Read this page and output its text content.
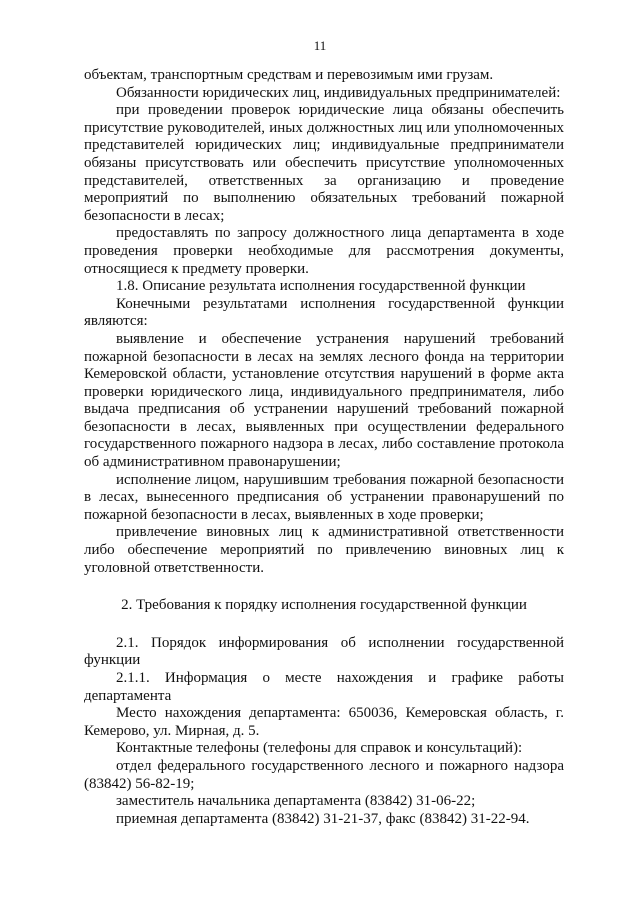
11

объектам, транспортным средствам и перевозимым ими грузам.

Обязанности юридических лиц, индивидуальных предпринимателей:

при проведении проверок юридические лица обязаны обеспечить присутствие руководителей, иных должностных лиц или уполномоченных представителей юридических лиц; индивидуальные предприниматели обязаны присутствовать или обеспечить присутствие уполномоченных представителей, ответственных за организацию и проведение мероприятий по выполнению обязательных требований пожарной безопасности в лесах;

предоставлять по запросу должностного лица департамента в ходе проведения проверки необходимые для рассмотрения документы, относящиеся к предмету проверки.

1.8. Описание результата исполнения государственной функции

Конечными результатами исполнения государственной функции являются:

выявление и обеспечение устранения нарушений требований пожарной безопасности в лесах на землях лесного фонда на территории Кемеровской области, установление отсутствия нарушений в форме акта проверки юридического лица, индивидуального предпринимателя, либо выдача предписания об устранении нарушений требований пожарной безопасности в лесах, выявленных при осуществлении федерального государственного пожарного надзора в лесах, либо составление протокола об административном правонарушении;

исполнение лицом, нарушившим требования пожарной безопасности в лесах, вынесенного предписания об устранении правонарушений по пожарной безопасности в лесах, выявленных в ходе проверки;

привлечение виновных лиц к административной ответственности либо обеспечение мероприятий по привлечению виновных лиц к уголовной ответственности.

2. Требования к порядку исполнения государственной функции

2.1. Порядок информирования об исполнении государственной функции

2.1.1. Информация о месте нахождения и графике работы департамента

Место нахождения департамента: 650036, Кемеровская область, г. Кемерово, ул. Мирная, д. 5.

Контактные телефоны (телефоны для справок и консультаций):

отдел федерального государственного лесного и пожарного надзора (83842) 56-82-19;

заместитель начальника департамента (83842) 31-06-22;

приемная департамента (83842) 31-21-37, факс (83842) 31-22-94.
